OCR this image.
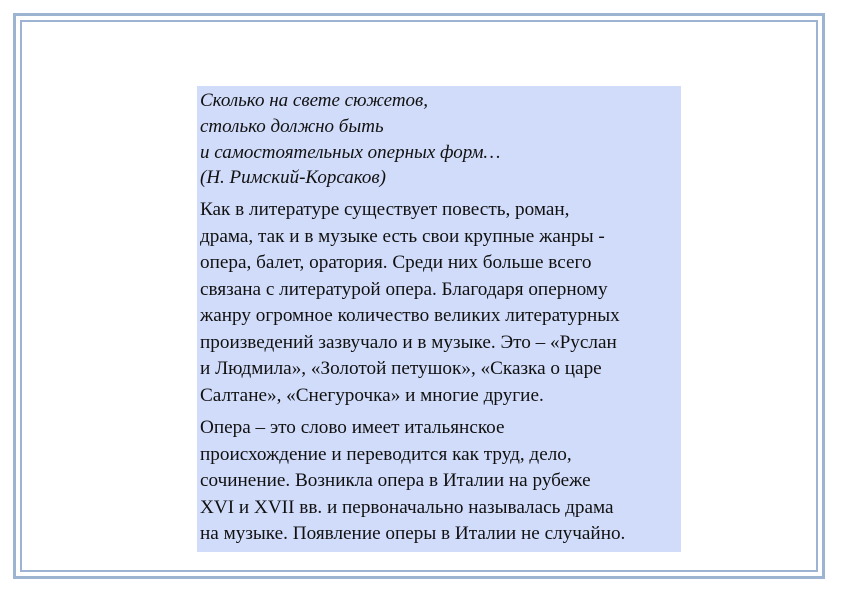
Сколько на свете сюжетов,
столько должно быть
и самостоятельных оперных форм…
(Н. Римский-Корсаков)

Как в литературе существует повесть, роман,
драма, так и в музыке есть свои крупные жанры -
опера, балет, оратория. Среди них больше всего
связана с литературой опера. Благодаря оперному
жанру огромное количество великих литературных
произведений зазвучало и в музыке. Это – «Руслан
и Людмила», «Золотой петушок», «Сказка о царе
Салтане», «Снегурочка» и многие другие.

Опера – это слово имеет итальянское
происхождение и переводится как труд, дело,
сочинение. Возникла опера в Италии на рубеже
XVI и XVII вв. и первоначально называлась драма
на музыке. Появление оперы в Италии не случайно.
